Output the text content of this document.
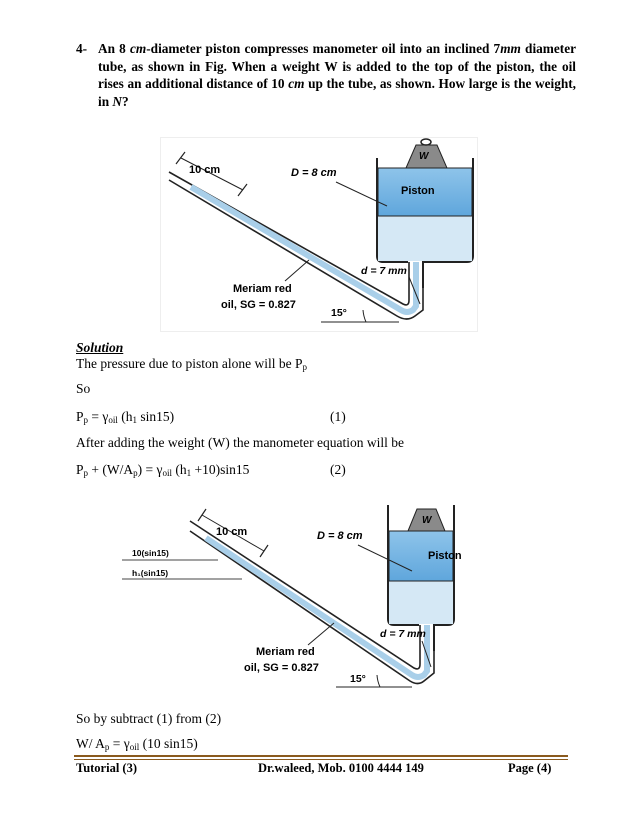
4- An 8 cm-diameter piston compresses manometer oil into an inclined 7mm diameter tube, as shown in Fig. When a weight W is added to the top of the piston, the oil rises an additional distance of 10 cm up the tube, as shown. How large is the weight, in N?
W
Piston
10 cm	D = 8 cm
d = 7 mm
Meriam red
oil, SG = 0.827
15°
Solution
The pressure due to piston alone will be $P_p$
So
$P_p = \gamma_{oil}$ ($h_1$ sin15)	(1)
After adding the weight (W) the manometer equation will be
$P_p + (W/A_p) = \gamma_{oil}$ $(h_1 +10)\sin 15$	(2)
W
Piston
10(sin15)
h₁(sin15)
10 cm	D = 8 cm
d = 7 mm
Meriam red
oil, SG = 0.827
15°
So by subtract (1) from (2)
W/ $A_p = \gamma_{oil}$ (10 sin15)
Tutorial (3)	Dr.waleed, Mob. 0100 4444 149	Page (4)
